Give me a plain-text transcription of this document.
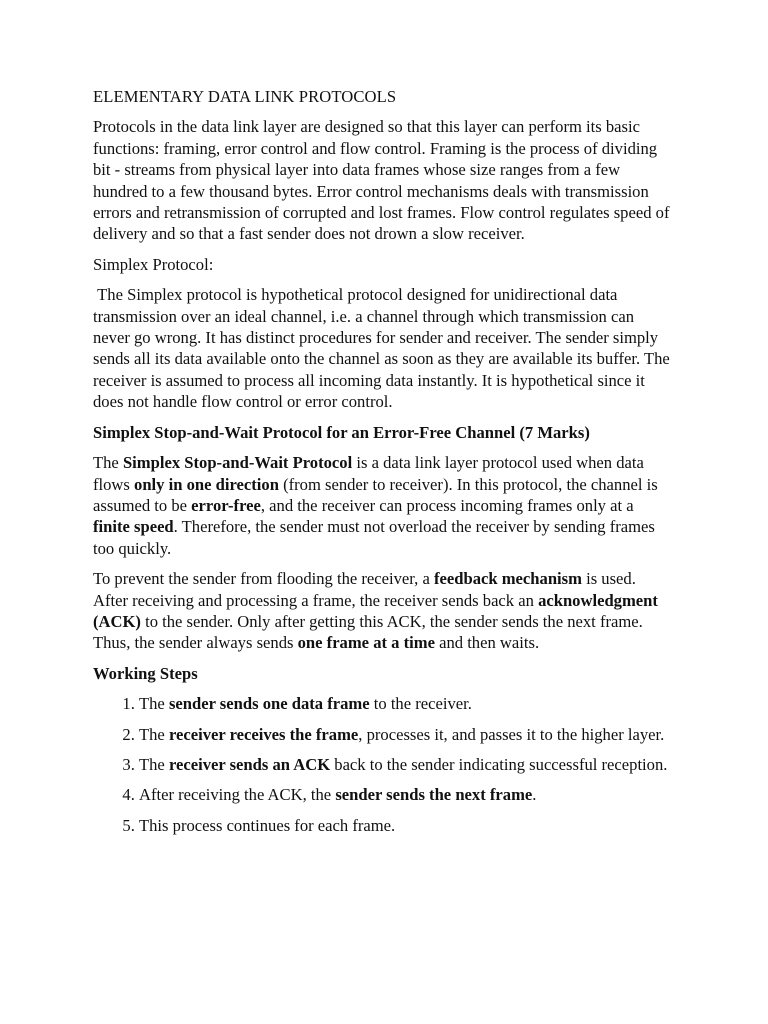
ELEMENTARY DATA LINK PROTOCOLS

Protocols in the data link layer are designed so that this layer can perform its basic functions: framing, error control and flow control. Framing is the process of dividing bit - streams from physical layer into data frames whose size ranges from a few hundred to a few thousand bytes. Error control mechanisms deals with transmission errors and retransmission of corrupted and lost frames. Flow control regulates speed of delivery and so that a fast sender does not drown a slow receiver.

Simplex Protocol:

The Simplex protocol is hypothetical protocol designed for unidirectional data transmission over an ideal channel, i.e. a channel through which transmission can never go wrong. It has distinct procedures for sender and receiver. The sender simply sends all its data available onto the channel as soon as they are available its buffer. The receiver is assumed to process all incoming data instantly. It is hypothetical since it does not handle flow control or error control.

Simplex Stop-and-Wait Protocol for an Error-Free Channel (7 Marks)

The Simplex Stop-and-Wait Protocol is a data link layer protocol used when data flows only in one direction (from sender to receiver). In this protocol, the channel is assumed to be error-free, and the receiver can process incoming frames only at a finite speed. Therefore, the sender must not overload the receiver by sending frames too quickly.

To prevent the sender from flooding the receiver, a feedback mechanism is used. After receiving and processing a frame, the receiver sends back an acknowledgment (ACK) to the sender. Only after getting this ACK, the sender sends the next frame. Thus, the sender always sends one frame at a time and then waits.

Working Steps

1. The sender sends one data frame to the receiver.
2. The receiver receives the frame, processes it, and passes it to the higher layer.
3. The receiver sends an ACK back to the sender indicating successful reception.
4. After receiving the ACK, the sender sends the next frame.
5. This process continues for each frame.
